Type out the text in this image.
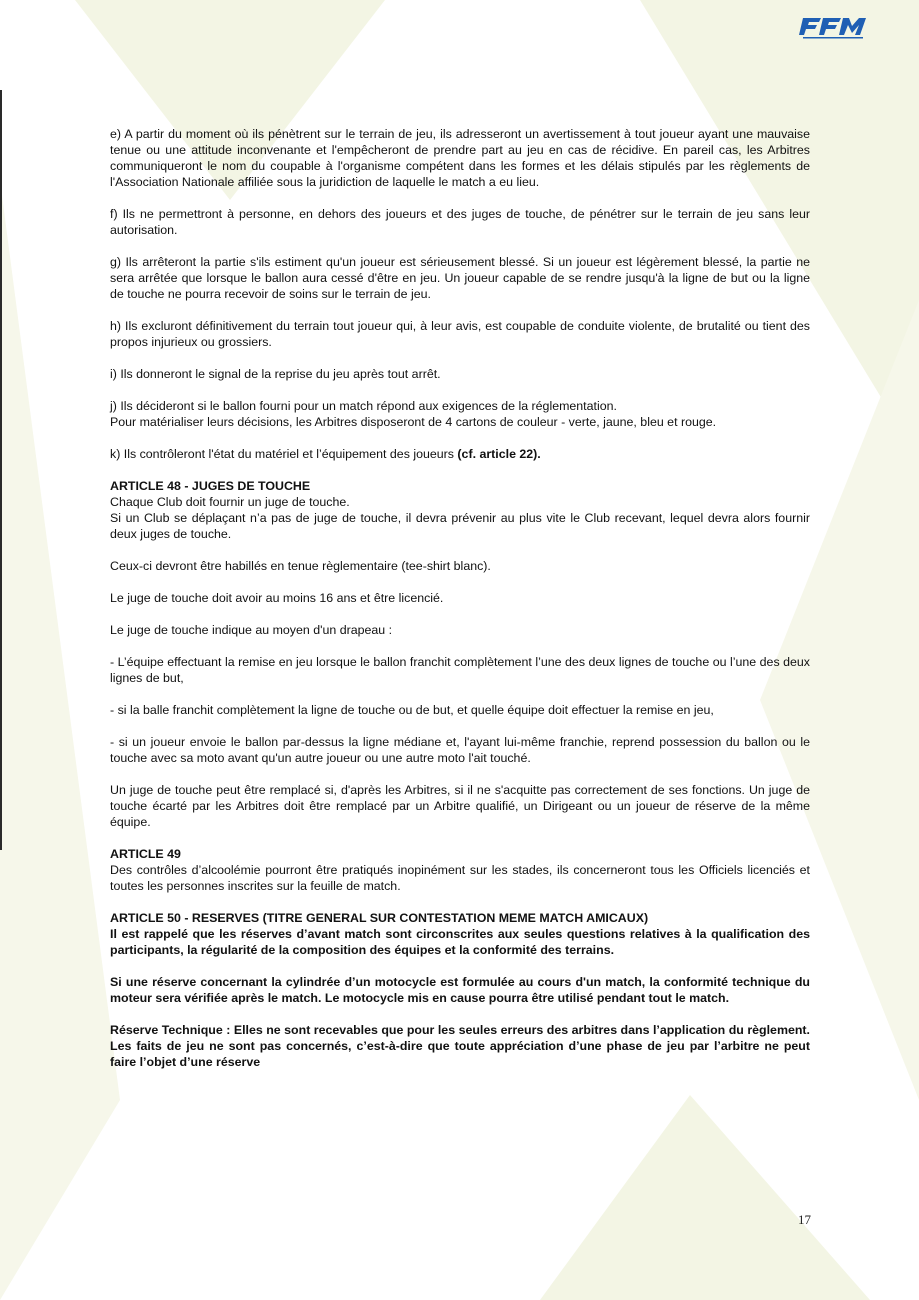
e) A partir du moment où ils pénètrent sur le terrain de jeu, ils adresseront un avertissement à tout joueur ayant une mauvaise tenue ou une attitude inconvenante et l'empêcheront de prendre part au jeu en cas de récidive. En pareil cas, les Arbitres communiqueront le nom du coupable à l'organisme compétent dans les formes et les délais stipulés par les règlements de l'Association Nationale affiliée sous la juridiction de laquelle le match a eu lieu.

f) Ils ne permettront à personne, en dehors des joueurs et des juges de touche, de pénétrer sur le terrain de jeu sans leur autorisation.

g) Ils arrêteront la partie s'ils estiment qu'un joueur est sérieusement blessé. Si un joueur est légèrement blessé, la partie ne sera arrêtée que lorsque le ballon aura cessé d'être en jeu. Un joueur capable de se rendre jusqu'à la ligne de but ou la ligne de touche ne pourra recevoir de soins sur le terrain de jeu.

h) Ils excluront définitivement du terrain tout joueur qui, à leur avis, est coupable de conduite violente, de brutalité ou tient des propos injurieux ou grossiers.

i) Ils donneront le signal de la reprise du jeu après tout arrêt.

j) Ils décideront si le ballon fourni pour un match répond aux exigences de la réglementation.

Pour matérialiser leurs décisions, les Arbitres disposeront de 4 cartons de couleur - verte, jaune, bleu et rouge.

k) Ils contrôleront l'état du matériel et l’équipement des joueurs (cf. article 22).

ARTICLE 48 - JUGES DE TOUCHE

Chaque Club doit fournir un juge de touche.

Si un Club se déplaçant n’a pas de juge de touche, il devra prévenir au plus vite le Club recevant, lequel devra alors fournir deux juges de touche.

Ceux-ci devront être habillés en tenue règlementaire (tee-shirt blanc).

Le juge de touche doit avoir au moins 16 ans et être licencié.

Le juge de touche indique au moyen d'un drapeau :

- L’équipe effectuant la remise en jeu lorsque le ballon franchit complètement l’une des deux lignes de touche ou l’une des deux lignes de but,

- si la balle franchit complètement la ligne de touche ou de but, et quelle équipe doit effectuer la remise en jeu,

- si un joueur envoie le ballon par-dessus la ligne médiane et, l'ayant lui-même franchie, reprend possession du ballon ou le touche avec sa moto avant qu'un autre joueur ou une autre moto l'ait touché.

Un juge de touche peut être remplacé si, d'après les Arbitres, si il ne s'acquitte pas correctement de ses fonctions. Un juge de touche écarté par les Arbitres doit être remplacé par un Arbitre qualifié, un Dirigeant ou un joueur de réserve de la même équipe.

ARTICLE 49

Des contrôles d’alcoolémie pourront être pratiqués inopinément sur les stades, ils concerneront tous les Officiels licenciés et toutes les personnes inscrites sur la feuille de match.

ARTICLE 50 - RESERVES (TITRE GENERAL SUR CONTESTATION MEME MATCH AMICAUX)

Il est rappelé que les réserves d’avant match sont circonscrites aux seules questions relatives à la qualification des participants, la régularité de la composition des équipes et la conformité des terrains.

Si une réserve concernant la cylindrée d’un motocycle est formulée au cours d'un match, la conformité technique du moteur sera vérifiée après le match. Le motocycle mis en cause pourra être utilisé pendant tout le match.

Réserve Technique : Elles ne sont recevables que pour les seules erreurs des arbitres dans l’application du règlement. Les faits de jeu ne sont pas concernés, c’est-à-dire que toute appréciation d’une phase de jeu par l’arbitre ne peut faire l’objet d’une réserve

17
